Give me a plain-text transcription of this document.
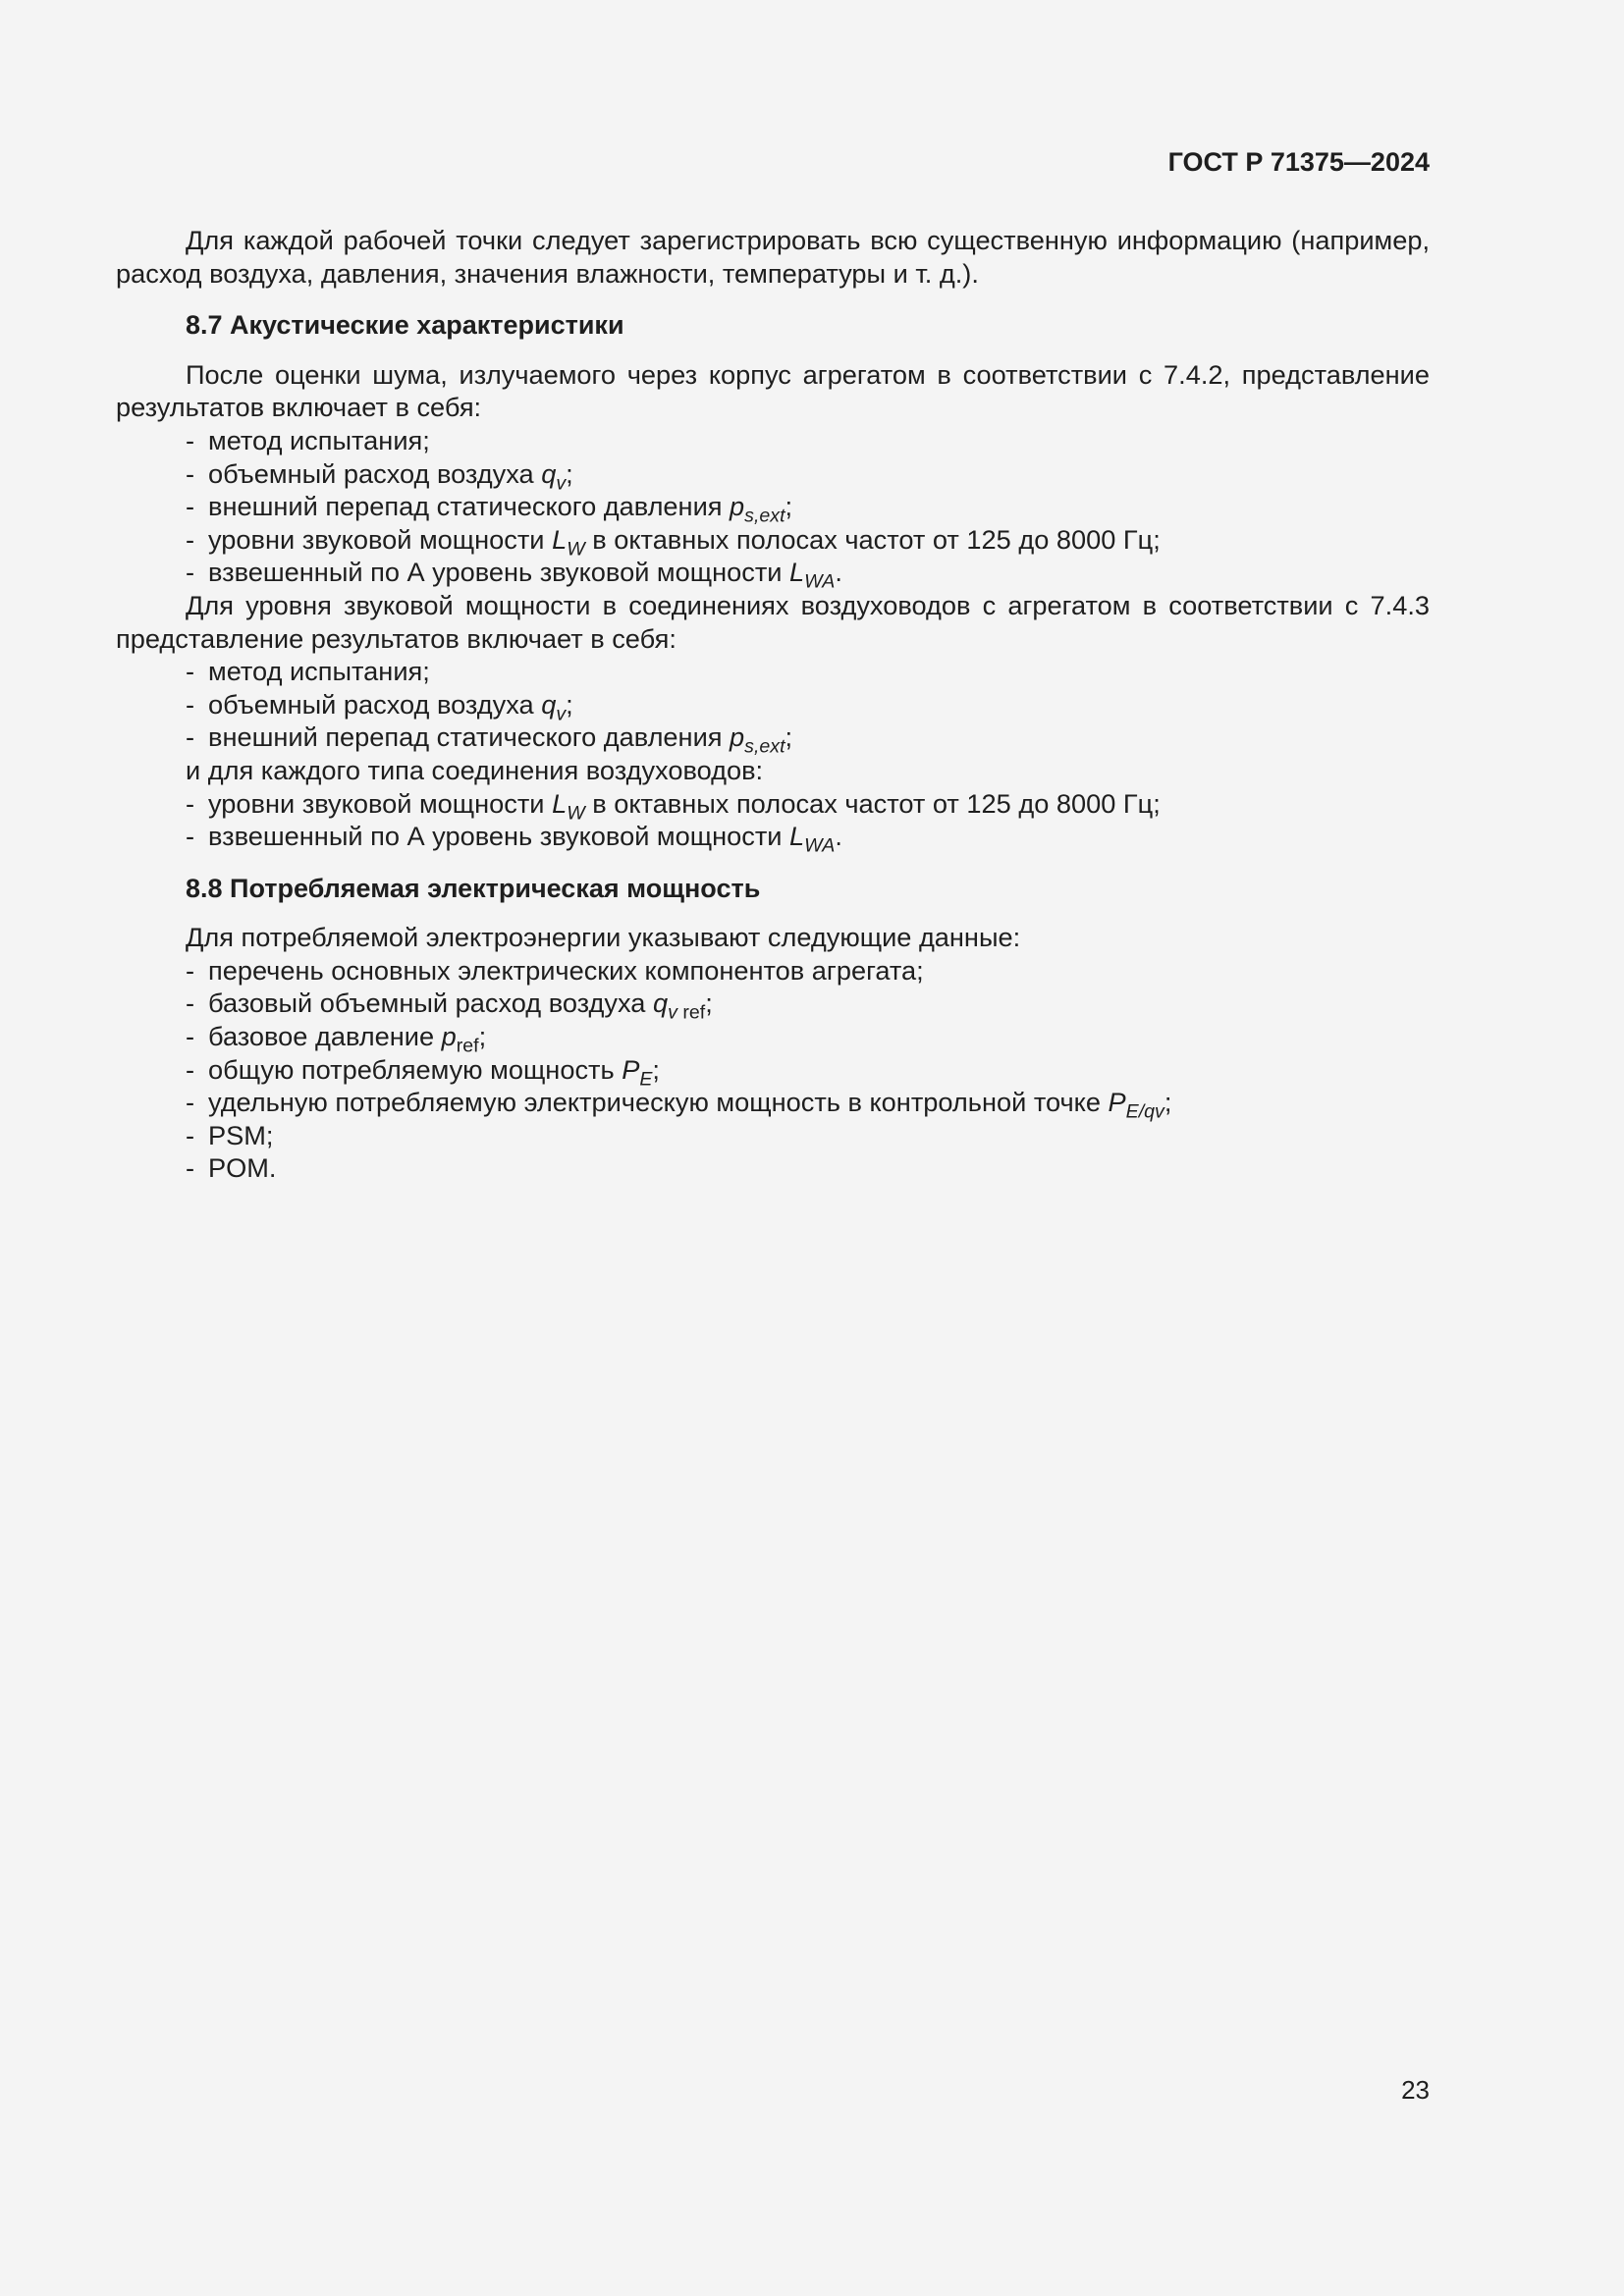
ГОСТ Р 71375—2024

Для каждой рабочей точки следует зарегистрировать всю существенную информацию (например, расход воздуха, давления, значения влажности, температуры и т. д.).

8.7 Акустические характеристики

После оценки шума, излучаемого через корпус агрегатом в соответствии с 7.4.2, представление результатов включает в себя:

- метод испытания;
- объемный расход воздуха $q_v$;
- внешний перепад статического давления $p_{s,ext}$;
- уровни звуковой мощности $L_W$ в октавных полосах частот от 125 до 8000 Гц;
- взвешенный по А уровень звуковой мощности $L_{WA}$.

Для уровня звуковой мощности в соединениях воздуховодов с агрегатом в соответствии с 7.4.3 представление результатов включает в себя:

- метод испытания;
- объемный расход воздуха $q_v$;
- внешний перепад статического давления $p_{s,ext}$;
и для каждого типа соединения воздуховодов:
- уровни звуковой мощности $L_W$ в октавных полосах частот от 125 до 8000 Гц;
- взвешенный по А уровень звуковой мощности $L_{WA}$.
8.8 Потребляемая электрическая мощность
Для потребляемой электроэнергии указывают следующие данные:
- перечень основных электрических компонентов агрегата;
- базовый объемный расход воздуха $q_{v ref}$;
- базовое давление $p_{ref}$;
- общую потребляемую мощность $P_E$;
- удельную потребляемую электрическую мощность в контрольной точке $P_{E/qv}$;
- PSM;
- POM.
23
